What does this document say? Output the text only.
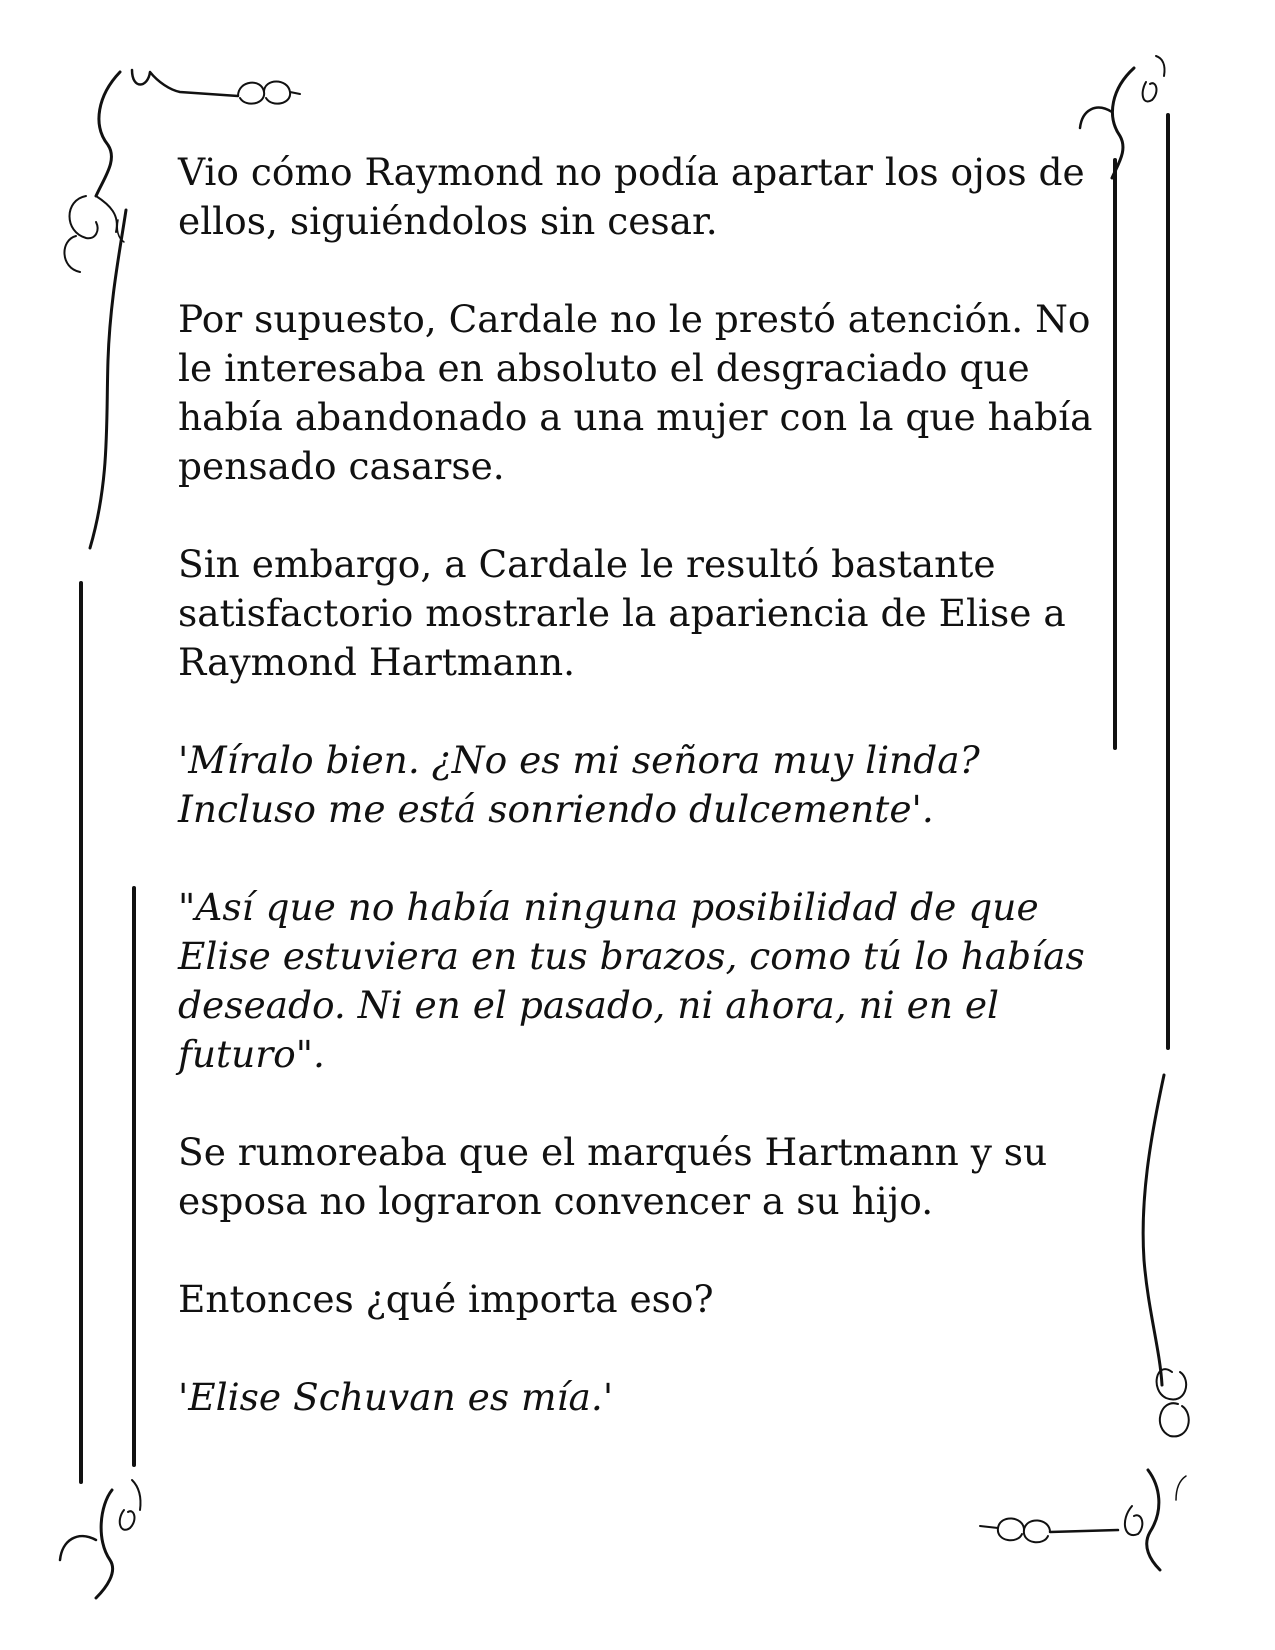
Vio cómo Raymond no podía apartar los ojos de ellos, siguiéndolos sin cesar.

Por supuesto, Cardale no le prestó atención. No le interesaba en absoluto el desgraciado que había abandonado a una mujer con la que había pensado casarse.

Sin embargo, a Cardale le resultó bastante satisfactorio mostrarle la apariencia de Elise a Raymond Hartmann.

'Míralo bien. ¿No es mi señora muy linda? Incluso me está sonriendo dulcemente'.

"Así que no había ninguna posibilidad de que Elise estuviera en tus brazos, como tú lo habías deseado. Ni en el pasado, ni ahora, ni en el futuro".

Se rumoreaba que el marqués Hartmann y su esposa no lograron convencer a su hijo.

Entonces ¿qué importa eso?

'Elise Schuvan es mía.'
